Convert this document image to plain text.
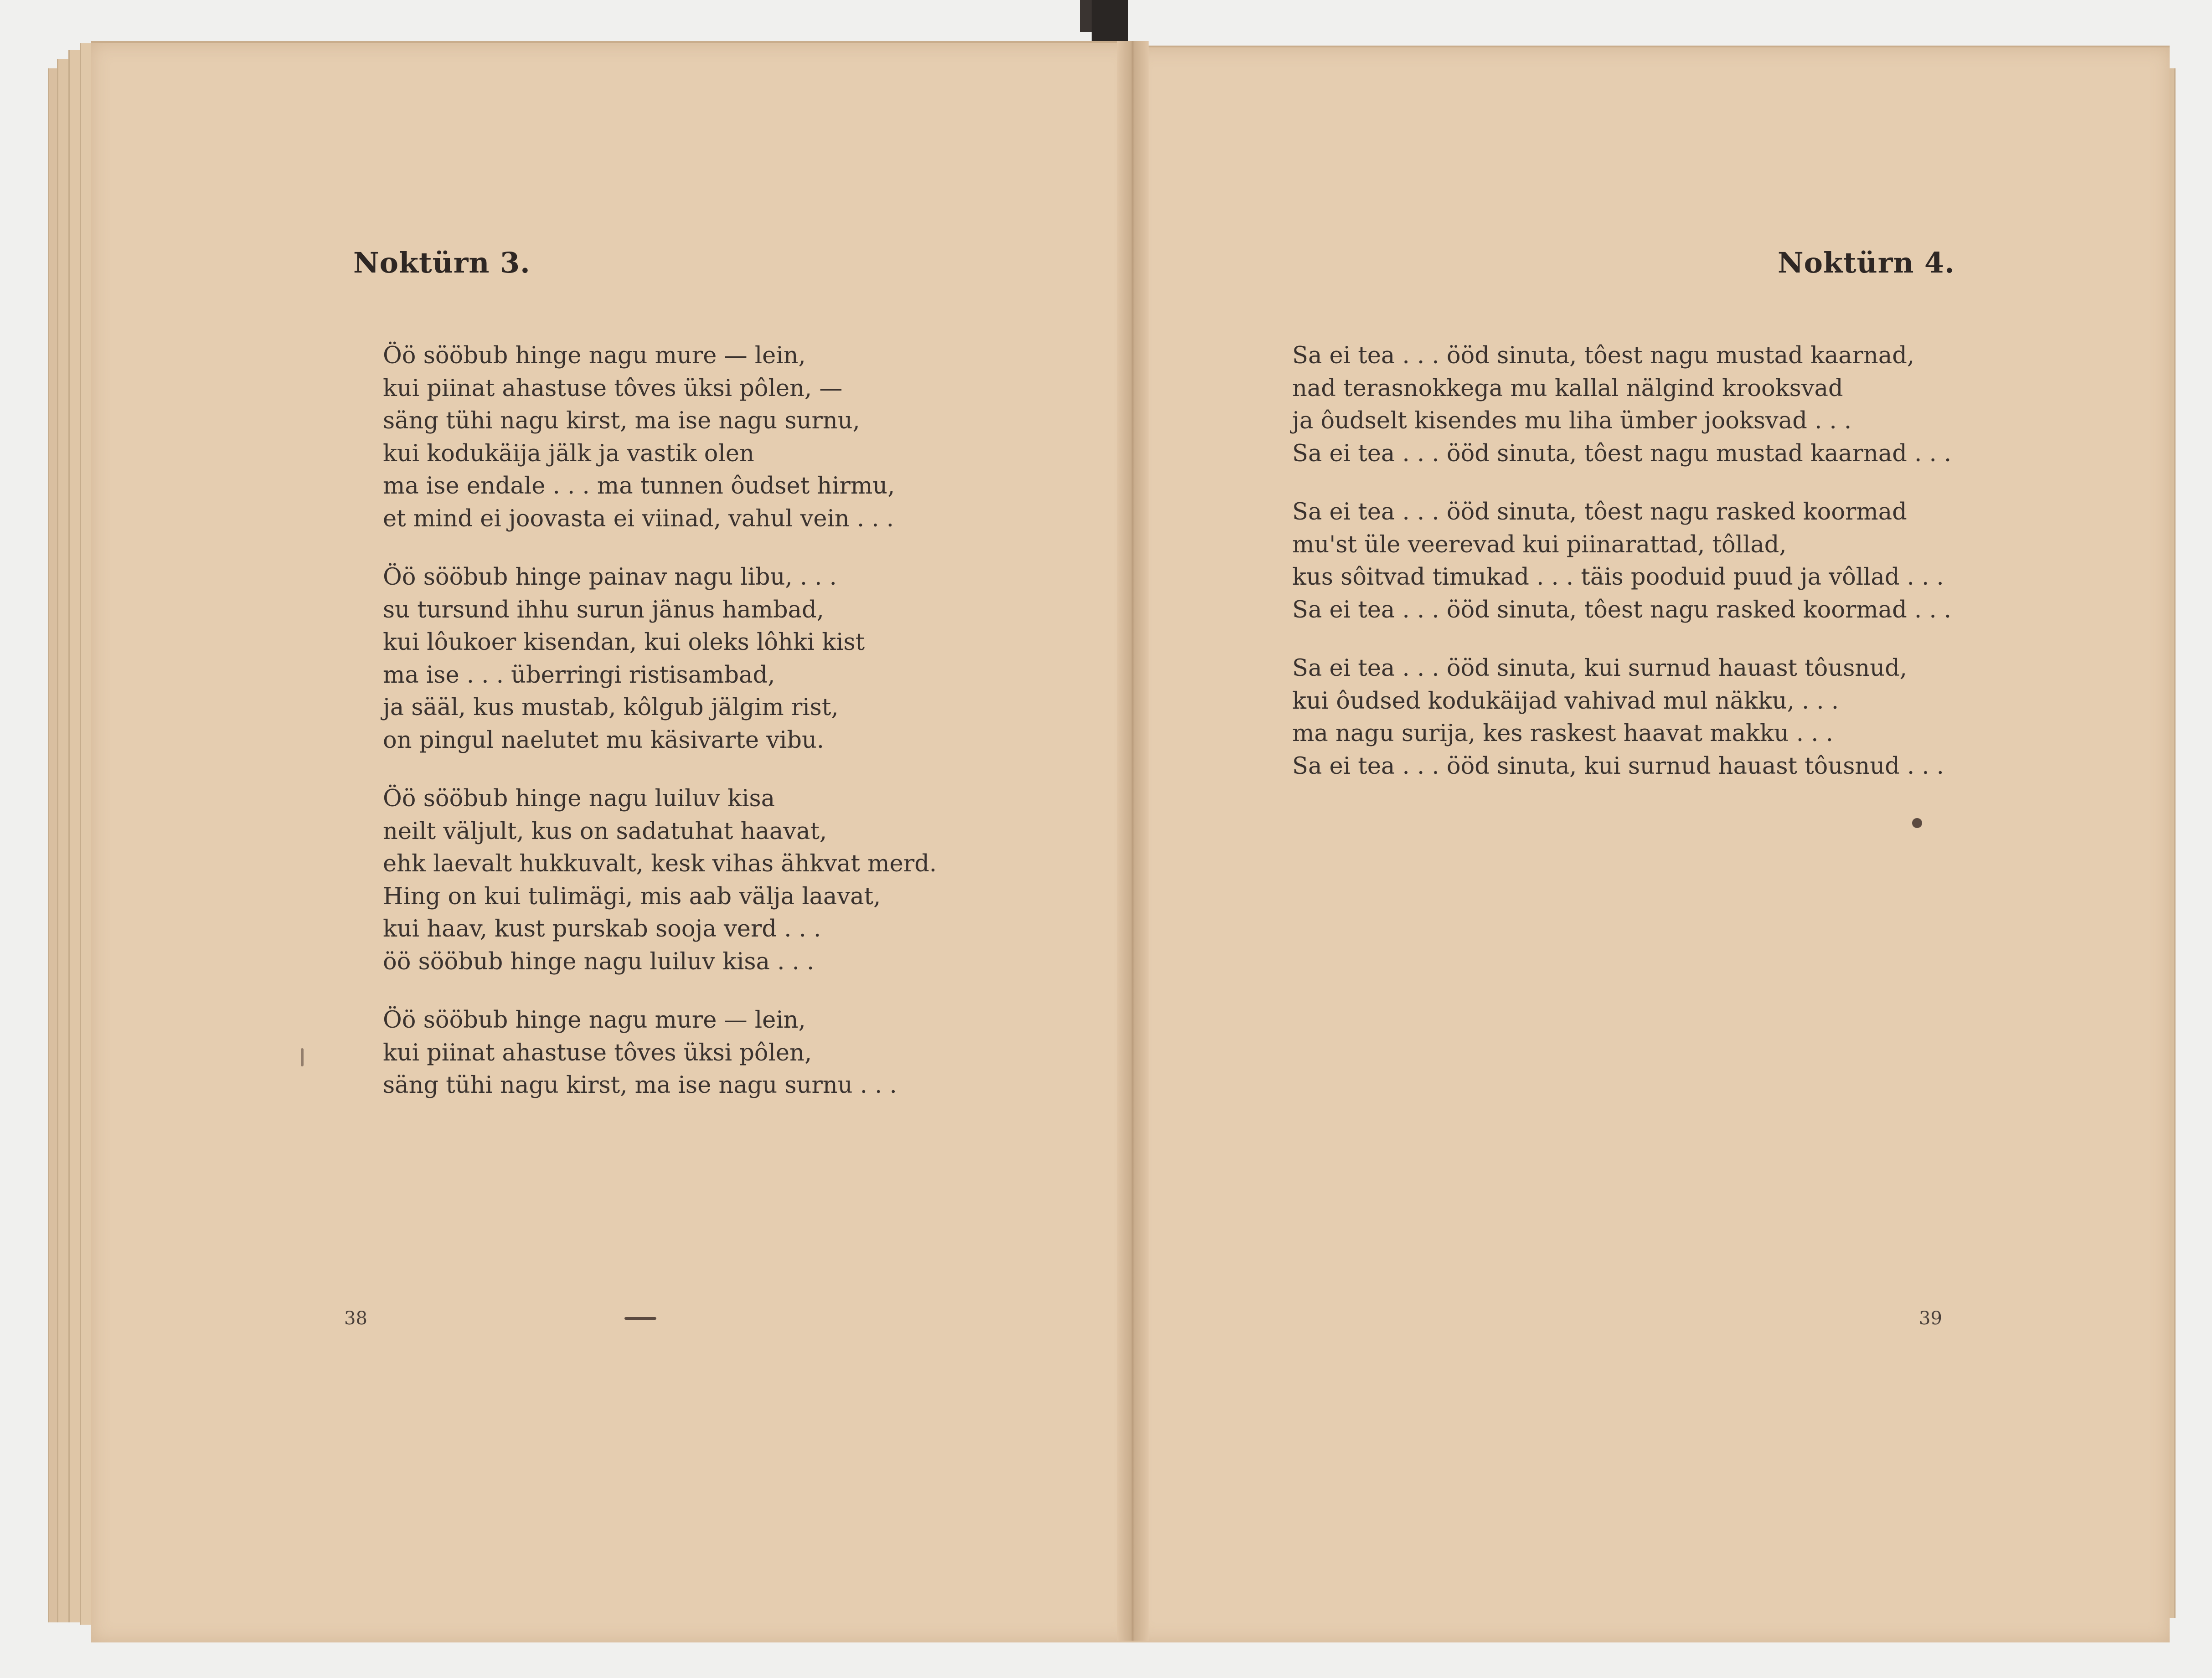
Noktürn 3.
Öö sööbub hinge nagu mure — lein,
kui piinat ahastuse tôves üksi pôlen, —
säng tühi nagu kirst, ma ise nagu surnu,
kui kodukäija jälk ja vastik olen
ma ise endale . . . ma tunnen ôudset hirmu,
et mind ei joovasta ei viinad, vahul vein . . .
Öö sööbub hinge painav nagu libu, . . .
su tursund ihhu surun jänus hambad,
kui lôukoer kisendan, kui oleks lôhki kist
ma ise . . . überringi ristisambad,
ja sääl, kus mustab, kôlgub jälgim rist,
on pingul naelutet mu käsivarte vibu.
Öö sööbub hinge nagu luiluv kisa
neilt väljult, kus on sadatuhat haavat,
ehk laevalt hukkuvalt, kesk vihas ähkvat merd.
Hing on kui tulimägi, mis aab välja laavat,
kui haav, kust purskab sooja verd . . .
öö sööbub hinge nagu luiluv kisa . . .
Öö sööbub hinge nagu mure — lein,
kui piinat ahastuse tôves üksi pôlen,
säng tühi nagu kirst, ma ise nagu surnu . . .
38
Noktürn 4.
Sa ei tea . . . ööd sinuta, tôest nagu mustad kaarnad,
nad terasnokkega mu kallal nälgind krooksvad
ja ôudselt kisendes mu liha ümber jooksvad . . .
Sa ei tea . . . ööd sinuta, tôest nagu mustad kaarnad . . .
Sa ei tea . . . ööd sinuta, tôest nagu rasked koormad
mu'st üle veerevad kui piinarattad, tôllad,
kus sôitvad timukad . . . täis pooduid puud ja vôllad . . .
Sa ei tea . . . ööd sinuta, tôest nagu rasked koormad . . .
Sa ei tea . . . ööd sinuta, kui surnud hauast tôusnud,
kui ôudsed kodukäijad vahivad mul näkku, . . .
ma nagu surija, kes raskest haavat makku . . .
Sa ei tea . . . ööd sinuta, kui surnud hauast tôusnud . . .
39
